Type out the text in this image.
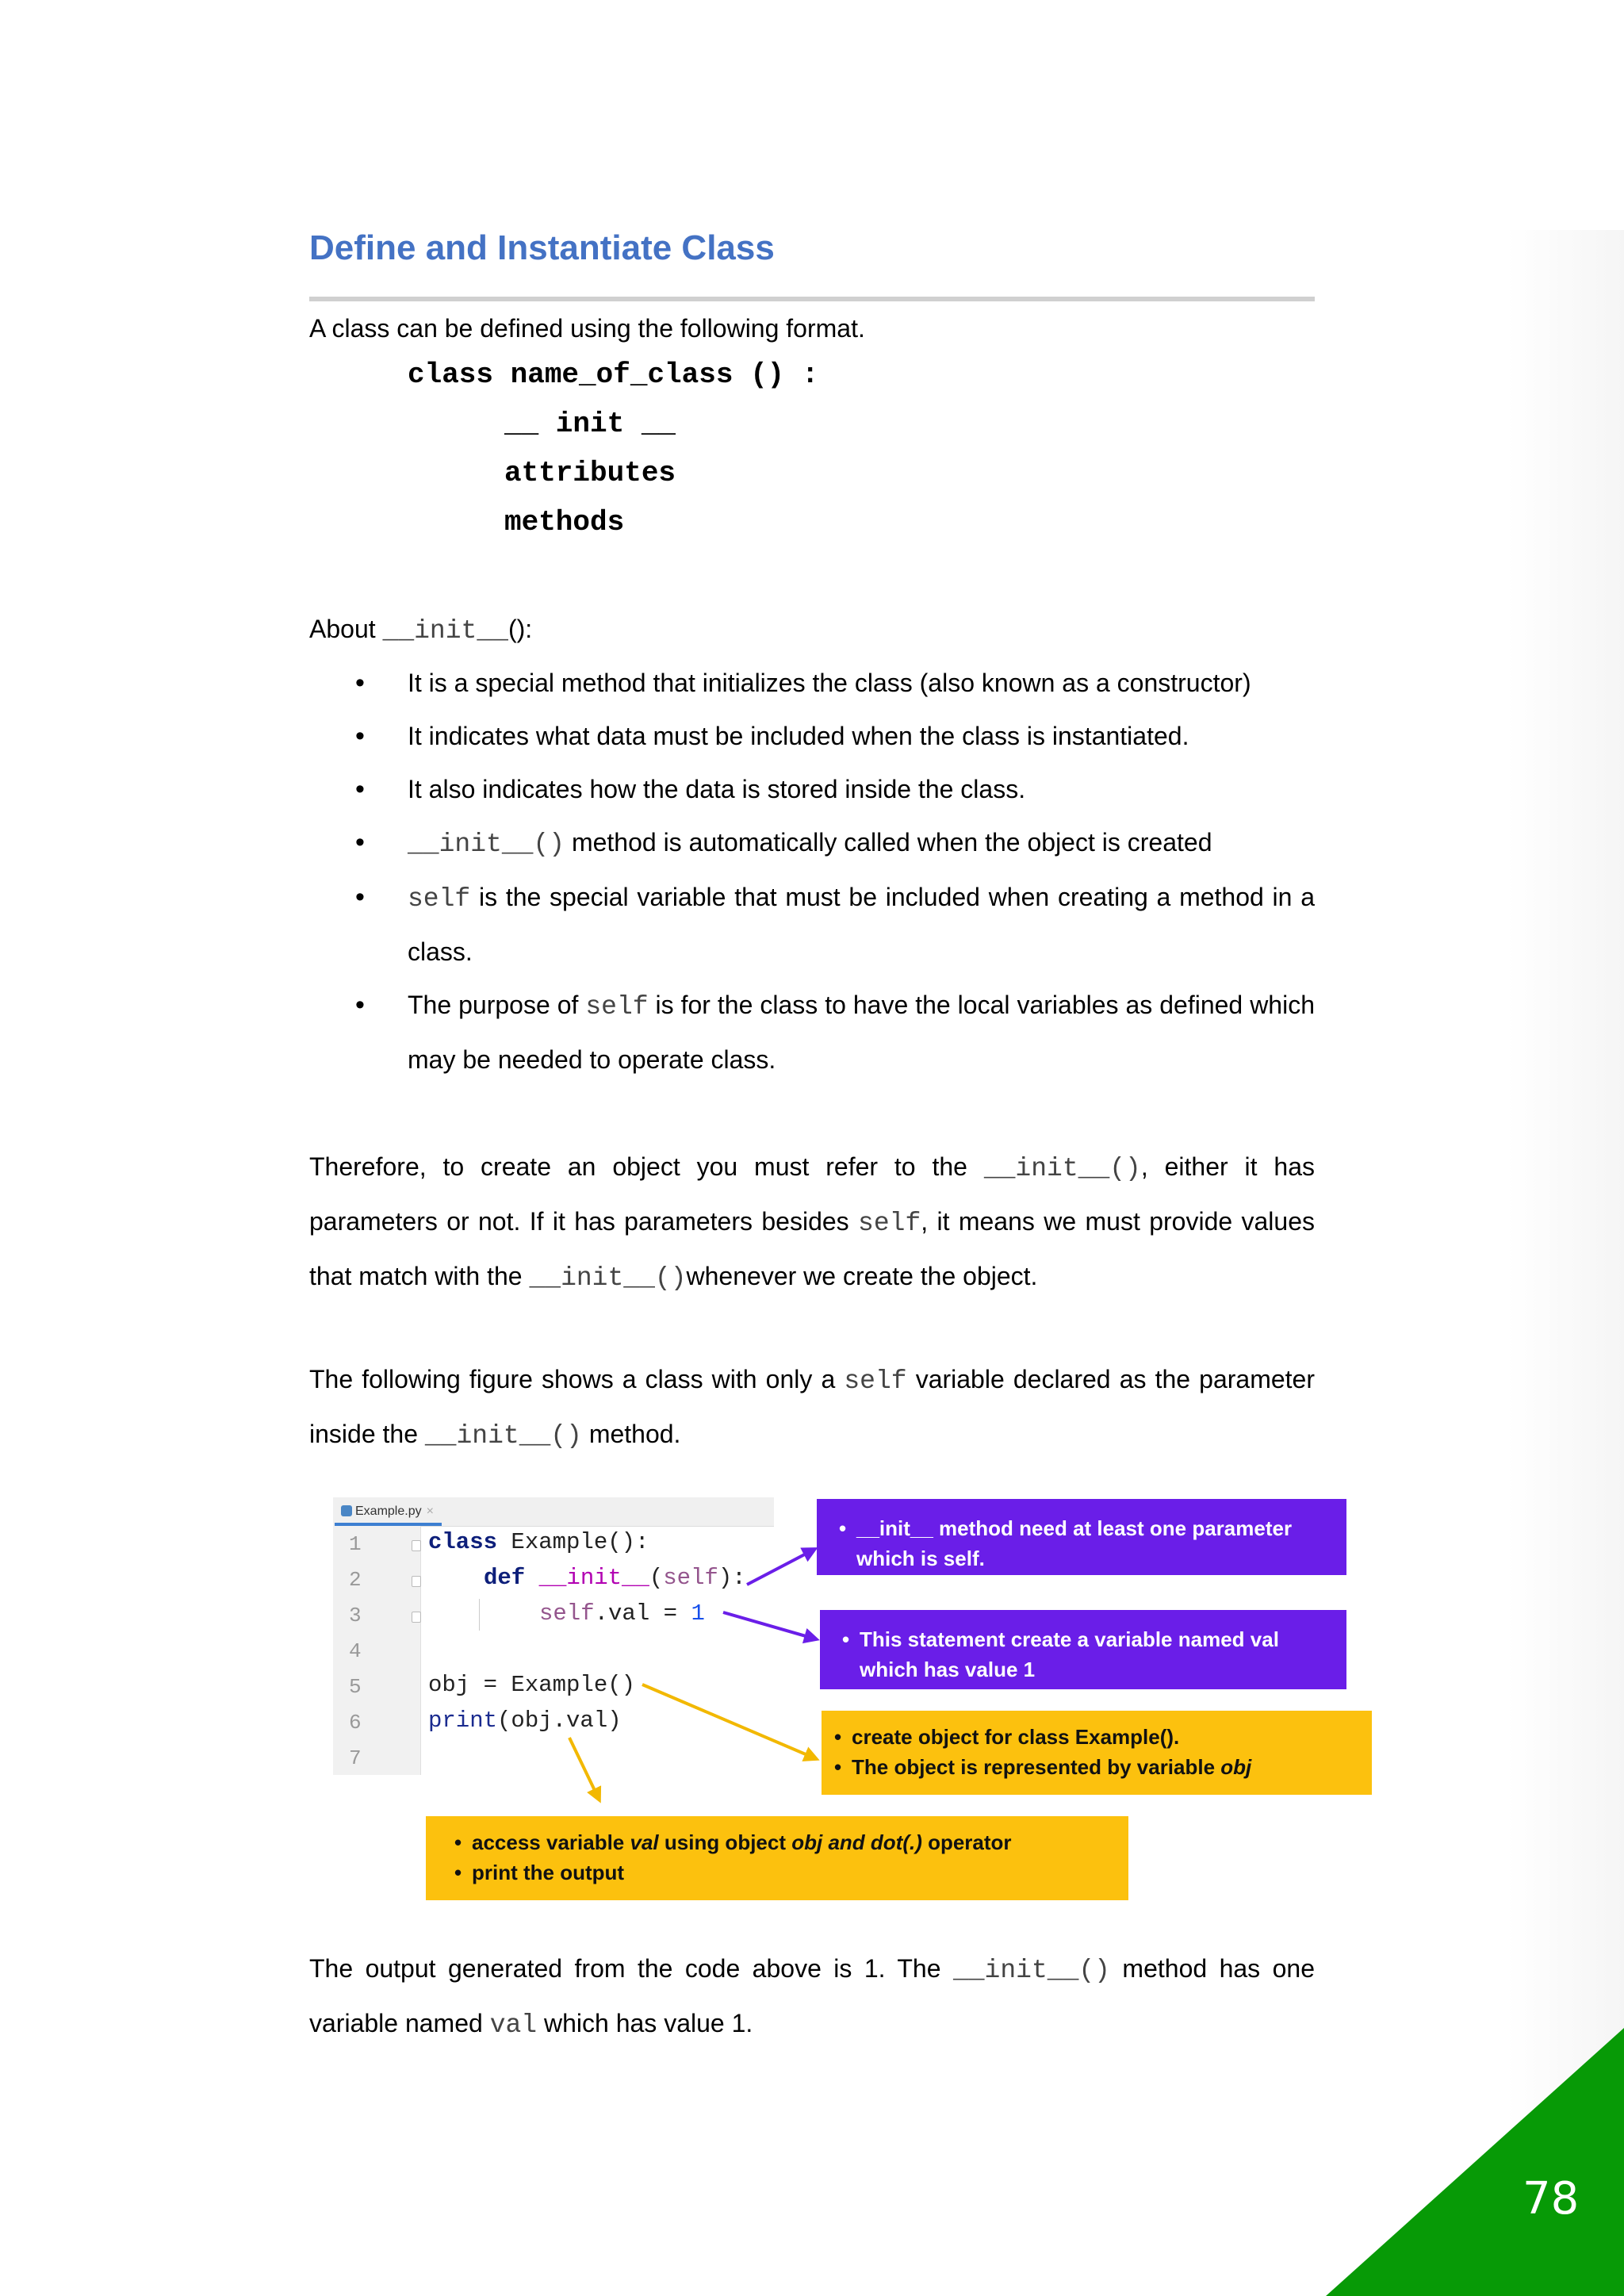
Define and Instantiate Class

A class can be defined using the following format.

class name_of_class () :
__ init __
attributes
methods

About __init__():

• It is a special method that initializes the class (also known as a constructor)
• It indicates what data must be included when the class is instantiated.
• It also indicates how the data is stored inside the class.
• __init__() method is automatically called when the object is created
• self is the special variable that must be included when creating a method in a class.
• The purpose of self is for the class to have the local variables as defined which may be needed to operate class.

Therefore, to create an object you must refer to the __init__(), either it has parameters or not. If it has parameters besides self, it means we must provide values that match with the __init__()whenever we create the object.

The following figure shows a class with only a self variable declared as the parameter inside the __init__() method.

Example.py ×
1
2
3
4
5
6
7
class Example():
def __init__(self):
self.val = 1
obj = Example()
print(obj.val)
• __init__ method need at least one parameter which is self.
• This statement create a variable named val which has value 1
• create object for class Example().
• The object is represented by variable obj
• access variable val using object obj and dot(.) operator
• print the output

The output generated from the code above is 1. The __init__() method has one variable named val which has value 1.

78
